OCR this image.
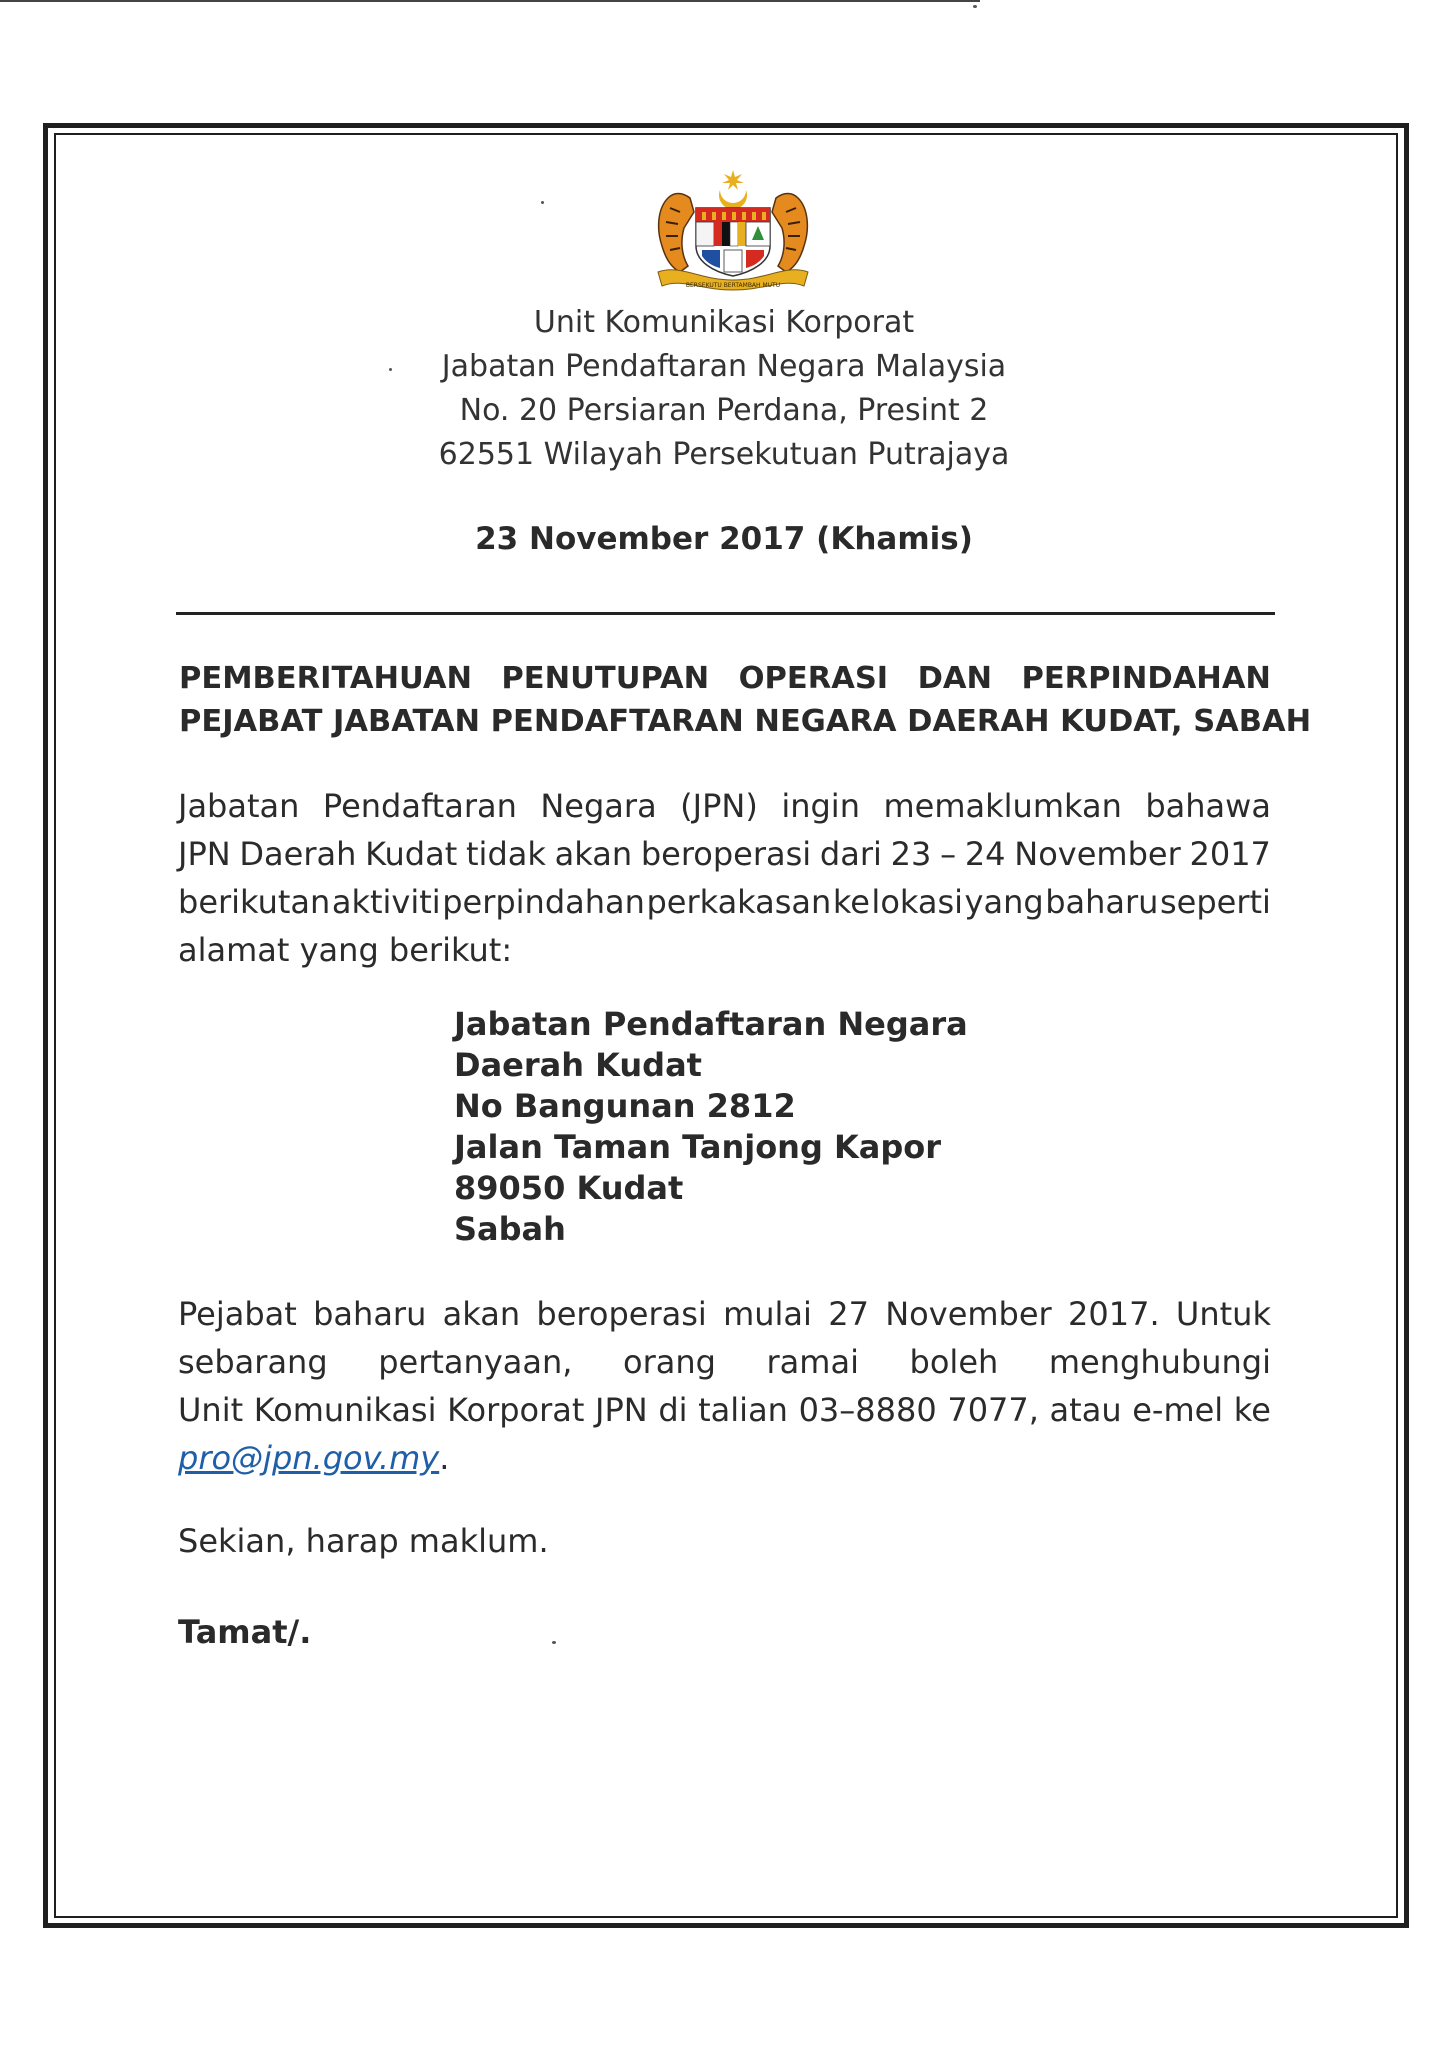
BERSEKUTU BERTAMBAH MUTU
Unit Komunikasi Korporat
Jabatan Pendaftaran Negara Malaysia
No. 20 Persiaran Perdana, Presint 2
62551 Wilayah Persekutuan Putrajaya
23 November 2017 (Khamis)
PEMBERITAHUAN PENUTUPAN OPERASI DAN PERPINDAHAN
PEJABAT JABATAN PENDAFTARAN NEGARA DAERAH KUDAT, SABAH
Jabatan Pendaftaran Negara (JPN) ingin memaklumkan bahawa
JPN Daerah Kudat tidak akan beroperasi dari 23 – 24 November 2017
berikutan aktiviti perpindahan perkakasan ke lokasi yang baharu seperti
alamat yang berikut:
Jabatan Pendaftaran Negara
Daerah Kudat
No Bangunan 2812
Jalan Taman Tanjong Kapor
89050 Kudat
Sabah
Pejabat baharu akan beroperasi mulai 27 November 2017. Untuk
sebarang pertanyaan, orang ramai boleh menghubungi
Unit Komunikasi Korporat JPN di talian 03–8880 7077, atau e-mel ke
pro@jpn.gov.my.
Sekian, harap maklum.
Tamat/.
